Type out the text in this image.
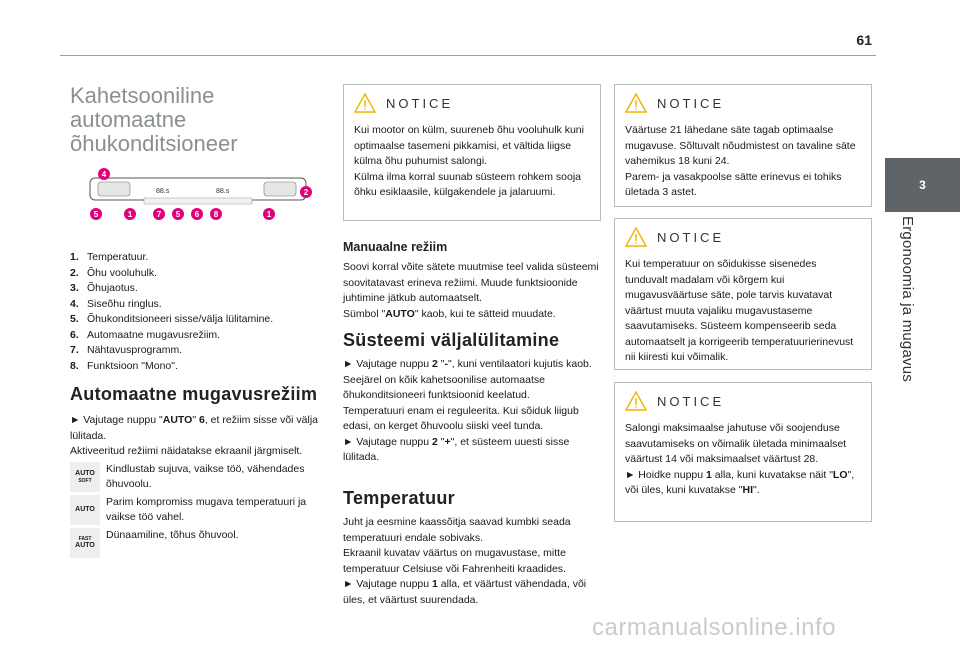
61
3
Ergonoomia ja mugavus
Kahetsooniline
automaatne
õhukonditsioneer
88.s	88.s
4
2
5	1	7 5 6 8	1
1. Temperatuur.
2. Õhu vooluhulk.
3. Õhujaotus.
4. Siseõhu ringlus.
5. Õhukonditsioneeri sisse/välja lülitamine.
6. Automaatne mugavusrežiim.
7. Nähtavusprogramm.
8. Funktsioon "Mono".
Automaatne mugavusrežiim
► Vajutage nuppu "AUTO" 6, et režiim sisse või välja lülitada.
Aktiveeritud režiimi näidatakse ekraanil järgmiselt.
AUTO
SOFT
Kindlustab sujuva, vaikse töö, vähendades õhuvoolu.
AUTO
Parim kompromiss mugava temperatuuri ja vaikse töö vahel.
FAST
AUTO
Dünaamiline, tõhus õhuvool.
NOTICE
Kui mootor on külm, suureneb õhu vooluhulk kuni optimaalse tasemeni pikkamisi, et vältida liigse külma õhu puhumist salongi.
Külma ilma korral suunab süsteem rohkem sooja õhku esiklaasile, külgakendele ja jalaruumi.
Manuaalne režiim
Soovi korral võite sätete muutmise teel valida süsteemi soovitatavast erineva režiimi. Muude funktsioonide juhtimine jätkub automaatselt.
Sümbol "AUTO" kaob, kui te sätteid muudate.
Süsteemi väljalülitamine
► Vajutage nuppu 2 "-", kuni ventilaatori kujutis kaob.
Seejärel on kõik kahetsoonilise automaatse õhukonditsioneeri funktsioonid keelatud.
Temperatuuri enam ei reguleerita. Kui sõiduk liigub edasi, on kerget õhuvoolu siiski veel tunda.
► Vajutage nuppu 2 "+", et süsteem uuesti sisse lülitada.
Temperatuur
Juht ja eesmine kaassõitja saavad kumbki seada temperatuuri endale sobivaks.
Ekraanil kuvatav väärtus on mugavustase, mitte temperatuur Celsiuse või Fahrenheiti kraadides.
► Vajutage nuppu 1 alla, et väärtust vähendada, või üles, et väärtust suurendada.
NOTICE
Väärtuse 21 lähedane säte tagab optimaalse mugavuse. Sõltuvalt nõudmistest on tavaline säte vahemikus 18 kuni 24.
Parem- ja vasakpoolse sätte erinevus ei tohiks ületada 3 astet.
NOTICE
Kui temperatuur on sõidukisse sisenedes tunduvalt madalam või kõrgem kui mugavusväärtuse säte, pole tarvis kuvatavat väärtust muuta vajaliku mugavustaseme saavutamiseks. Süsteem kompenseerib seda automaatselt ja korrigeerib temperatuurierinevust nii kiiresti kui võimalik.
NOTICE
Salongi maksimaalse jahutuse või soojenduse saavutamiseks on võimalik ületada minimaalset väärtust 14 või maksimaalset väärtust 28.
► Hoidke nuppu 1 alla, kuni kuvatakse näit "LO", või üles, kuni kuvatakse "HI".
carmanualsonline.info
